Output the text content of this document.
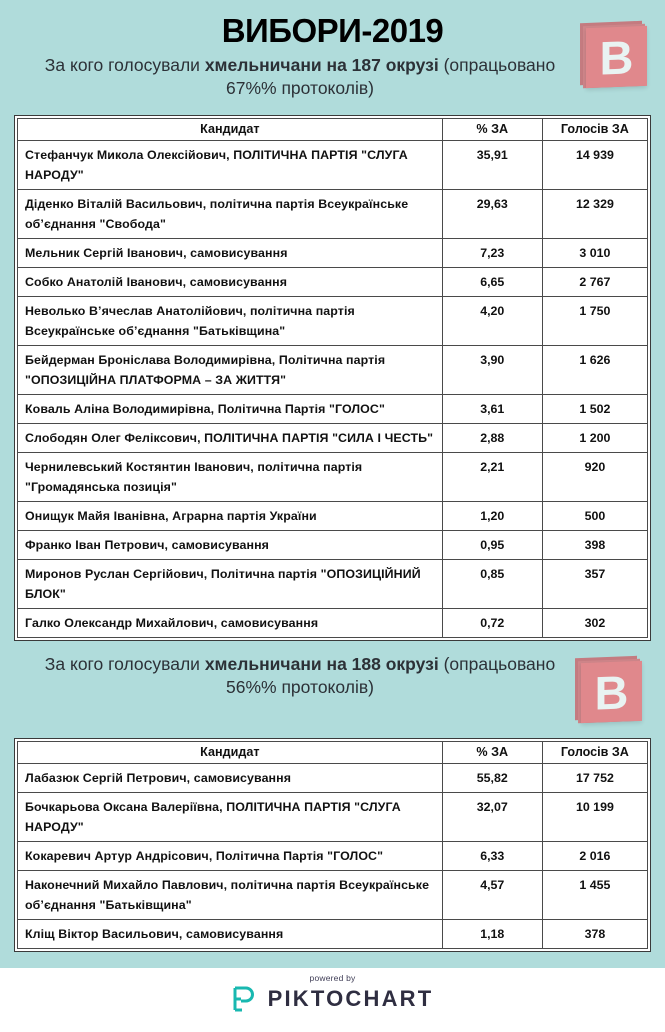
ВИБОРИ-2019
За кого голосували хмельничани на 187 окрузі (опрацьовано 67%% протоколів)
B
Кандидат	% ЗА	Голосів ЗА
Стефанчук Микола Олексійович, ПОЛІТИЧНА ПАРТІЯ "СЛУГА НАРОДУ"	35,91	14 939
Діденко Віталій Васильович, політична партія Всеукраїнське об’єднання "Свобода"	29,63	12 329
Мельник Сергій Іванович, самовисування	7,23	3 010
Собко Анатолій Іванович, самовисування	6,65	2 767
Неволько В’ячеслав Анатолійович, політична партія Всеукраїнське об’єднання "Батьківщина"	4,20	1 750
Бейдерман Броніслава Володимирівна, Політична партія "ОПОЗИЦІЙНА ПЛАТФОРМА – ЗА ЖИТТЯ"	3,90	1 626
Коваль Аліна Володимирівна, Політична Партія "ГОЛОС"	3,61	1 502
Слободян Олег Феліксович, ПОЛІТИЧНА ПАРТІЯ "СИЛА І ЧЕСТЬ"	2,88	1 200
Чернилевський Костянтин Іванович, політична партія "Громадянська позиція"	2,21	920
Онищук Майя Іванівна, Аграрна партія України	1,20	500
Франко Іван Петрович, самовисування	0,95	398
Миронов Руслан Сергійович, Політична партія "ОПОЗИЦІЙНИЙ БЛОК"	0,85	357
Галко Олександр Михайлович, самовисування	0,72	302
За кого голосували хмельничани на 188 окрузі (опрацьовано 56%% протоколів)	B
Кандидат	% ЗА	Голосів ЗА
Лабазюк Сергій Петрович, самовисування	55,82	17 752
Бочкарьова Оксана Валеріївна, ПОЛІТИЧНА ПАРТІЯ "СЛУГА НАРОДУ"	32,07	10 199
Кокаревич Артур Андрісович, Політична Партія "ГОЛОС"	6,33	2 016
Наконечний Михайло Павлович, політична партія Всеукраїнське об’єднання "Батьківщина"	4,57	1 455
Кліщ Віктор Васильович, самовисування	1,18	378
powered by
PIKTOCHART
